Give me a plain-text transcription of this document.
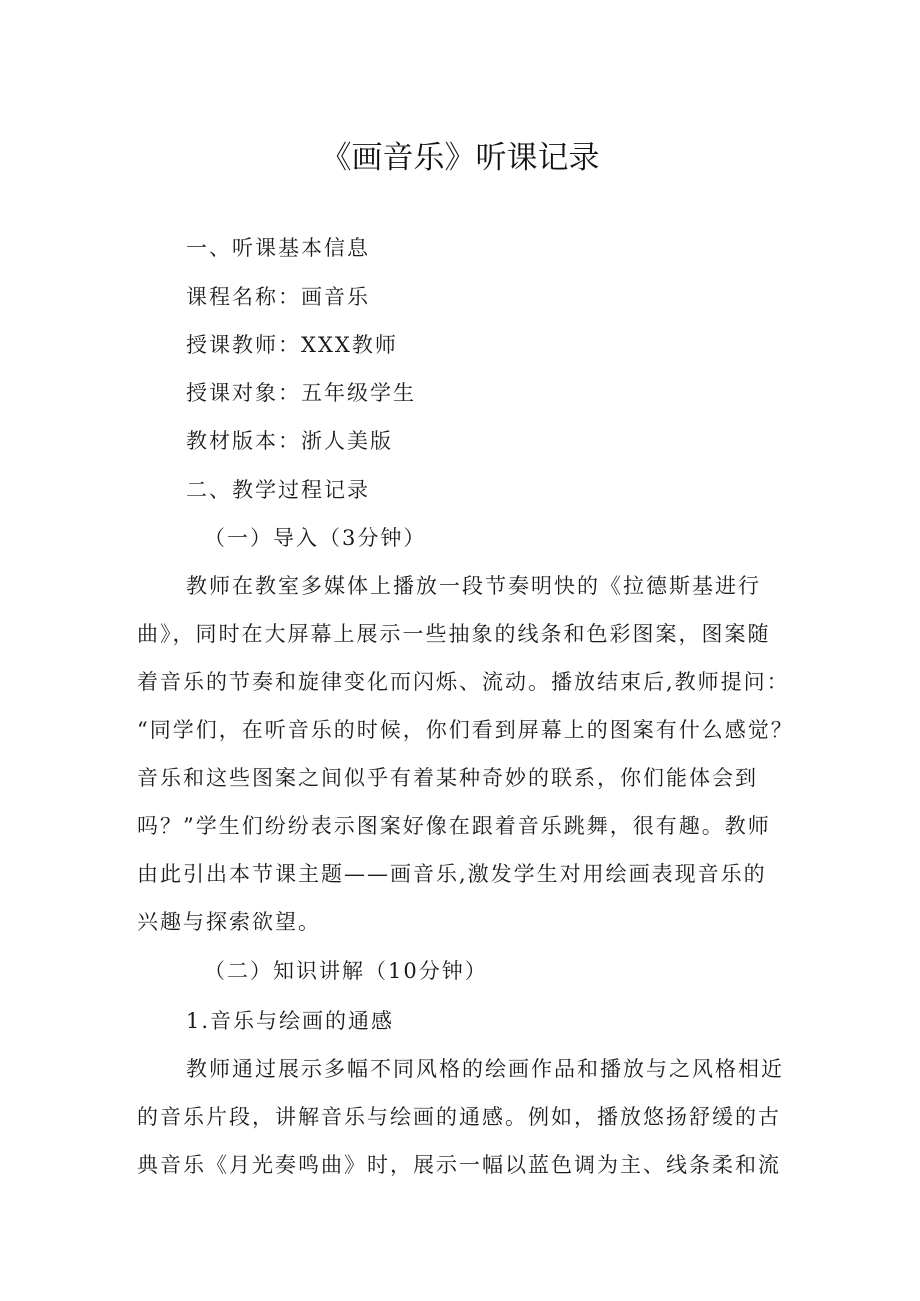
《画音乐》听课记录
一、听课基本信息
课程名称：画音乐
授课教师：XXX教师
授课对象：五年级学生
教材版本：浙人美版
二、教学过程记录
（一）导入（3分钟）
教师在教室多媒体上播放一段节奏明快的《拉德斯基进行
曲》，同时在大屏幕上展示一些抽象的线条和色彩图案，图案随
着音乐的节奏和旋律变化而闪烁、流动。播放结束后,教师提问：
“同学们，在听音乐的时候，你们看到屏幕上的图案有什么感觉？
音乐和这些图案之间似乎有着某种奇妙的联系，你们能体会到
吗？”学生们纷纷表示图案好像在跟着音乐跳舞，很有趣。教师
由此引出本节课主题——画音乐,激发学生对用绘画表现音乐的
兴趣与探索欲望。
（二）知识讲解（10分钟）
1.音乐与绘画的通感
教师通过展示多幅不同风格的绘画作品和播放与之风格相近
的音乐片段，讲解音乐与绘画的通感。例如，播放悠扬舒缓的古
典音乐《月光奏鸣曲》时，展示一幅以蓝色调为主、线条柔和流
